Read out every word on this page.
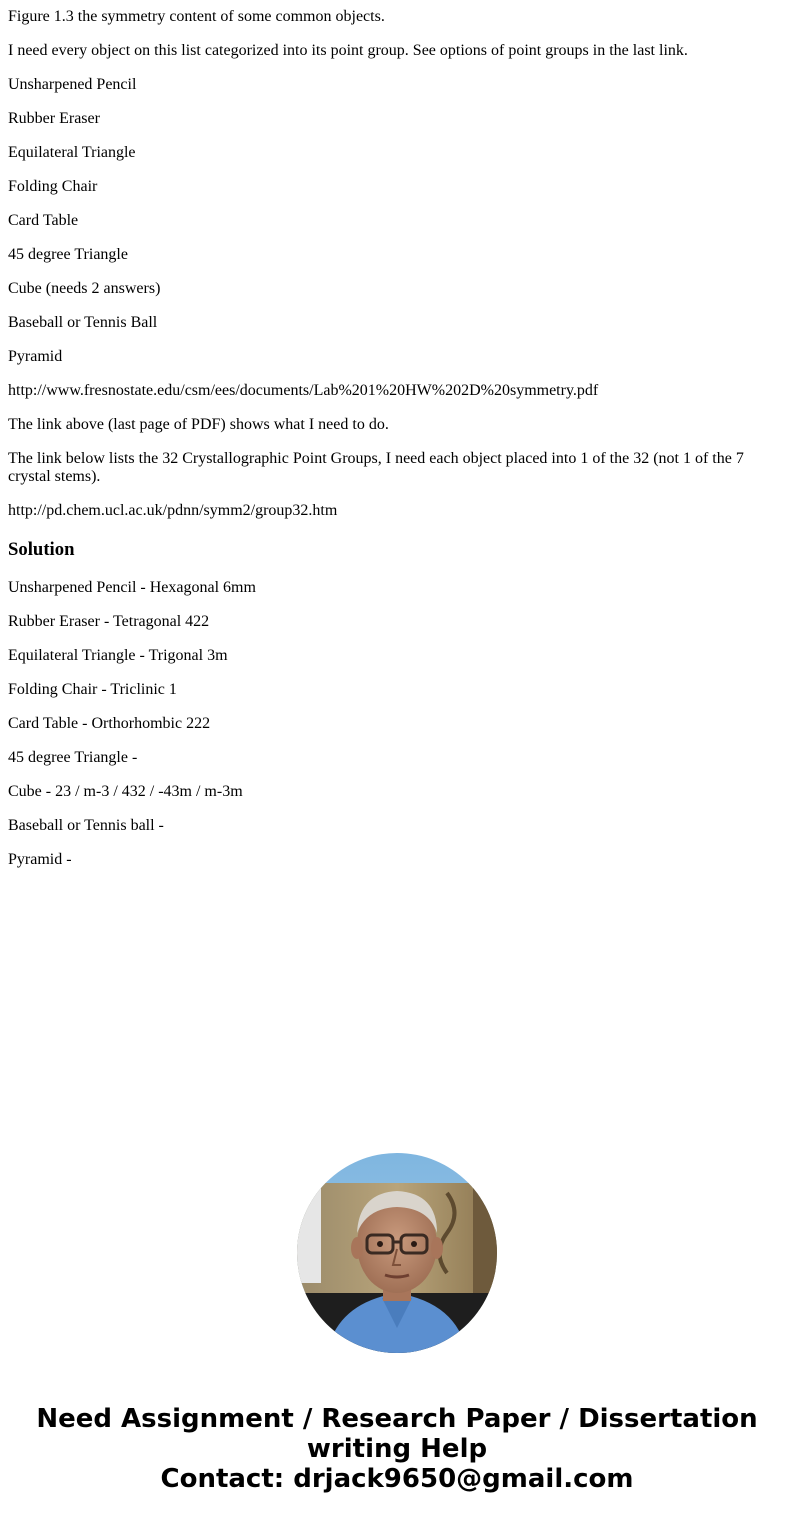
Figure 1.3 the symmetry content of some common objects.

I need every object on this list categorized into its point group. See options of point groups in the last link.

Unsharpened Pencil

Rubber Eraser

Equilateral Triangle

Folding Chair

Card Table

45 degree Triangle

Cube (needs 2 answers)

Baseball or Tennis Ball

Pyramid

http://www.fresnostate.edu/csm/ees/documents/Lab%201%20HW%202D%20symmetry.pdf

The link above (last page of PDF) shows what I need to do.

The link below lists the 32 Crystallographic Point Groups, I need each object placed into 1 of the 32 (not 1 of the 7 crystal stems).

http://pd.chem.ucl.ac.uk/pdnn/symm2/group32.htm

Solution

Unsharpened Pencil - Hexagonal 6mm

Rubber Eraser - Tetragonal 422

Equilateral Triangle - Trigonal 3m

Folding Chair - Triclinic 1

Card Table - Orthorhombic 222

45 degree Triangle -

Cube - 23 / m-3 / 432 / -43m / m-3m

Baseball or Tennis ball -

Pyramid -

Need Assignment / Research Paper / Dissertation
writing Help
Contact: drjack9650@gmail.com
